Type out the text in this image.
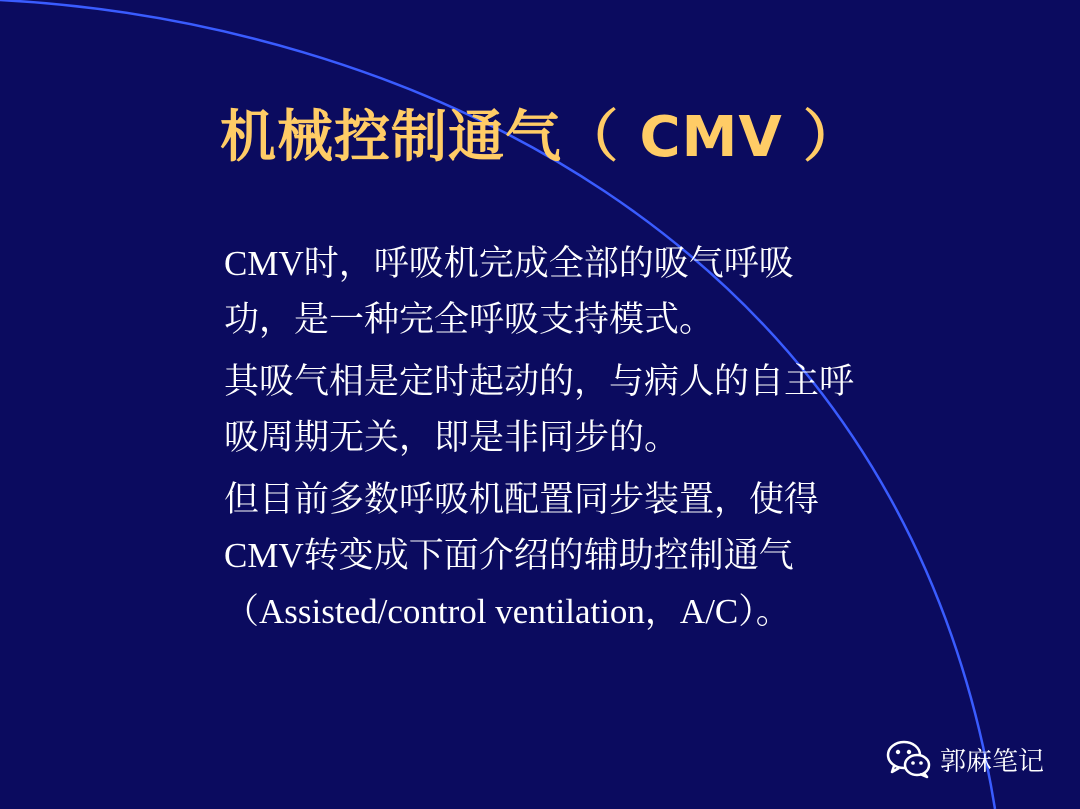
机械控制通气（ CMV ）

CMV时，呼吸机完成全部的吸气呼吸
功，是一种完全呼吸支持模式。

其吸气相是定时起动的，与病人的自主呼
吸周期无关，即是非同步的。

但目前多数呼吸机配置同步装置，使得
CMV转变成下面介绍的辅助控制通气
（Assisted/control ventilation，A/C）。

郭麻笔记
